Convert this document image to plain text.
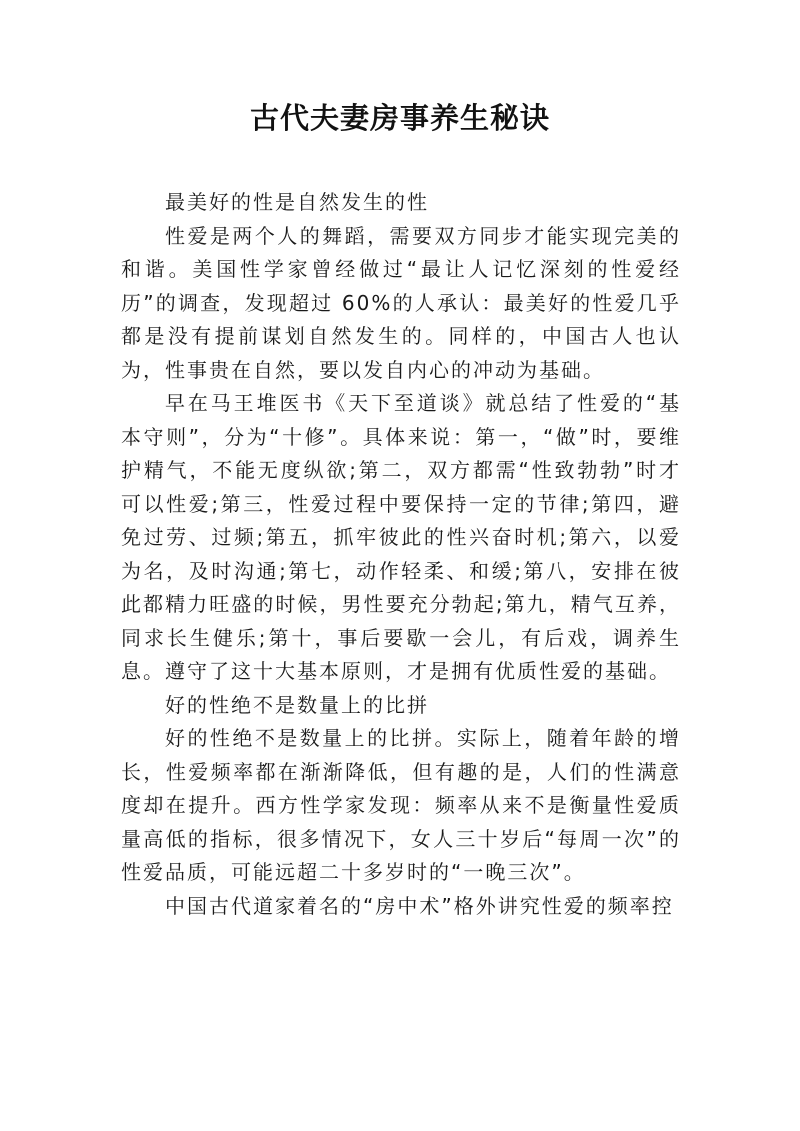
古代夫妻房事养生秘诀

最美好的性是自然发生的性

性爱是两个人的舞蹈，需要双方同步才能实现完美的和谐。美国性学家曾经做过“最让人记忆深刻的性爱经历”的调查，发现超过 60%的人承认：最美好的性爱几乎都是没有提前谋划自然发生的。同样的，中国古人也认为，性事贵在自然，要以发自内心的冲动为基础。

早在马王堆医书《天下至道谈》就总结了性爱的“基本守则”，分为“十修”。具体来说：第一，“做”时，要维护精气，不能无度纵欲;第二，双方都需“性致勃勃”时才可以性爱;第三，性爱过程中要保持一定的节律;第四，避免过劳、过频;第五，抓牢彼此的性兴奋时机;第六，以爱为名，及时沟通;第七，动作轻柔、和缓;第八，安排在彼此都精力旺盛的时候，男性要充分勃起;第九，精气互养，同求长生健乐;第十，事后要歇一会儿，有后戏，调养生息。遵守了这十大基本原则，才是拥有优质性爱的基础。

好的性绝不是数量上的比拼

好的性绝不是数量上的比拼。实际上，随着年龄的增长，性爱频率都在渐渐降低，但有趣的是，人们的性满意度却在提升。西方性学家发现：频率从来不是衡量性爱质量高低的指标，很多情况下，女人三十岁后“每周一次”的性爱品质，可能远超二十多岁时的“一晚三次”。

中国古代道家着名的“房中术”格外讲究性爱的频率控
